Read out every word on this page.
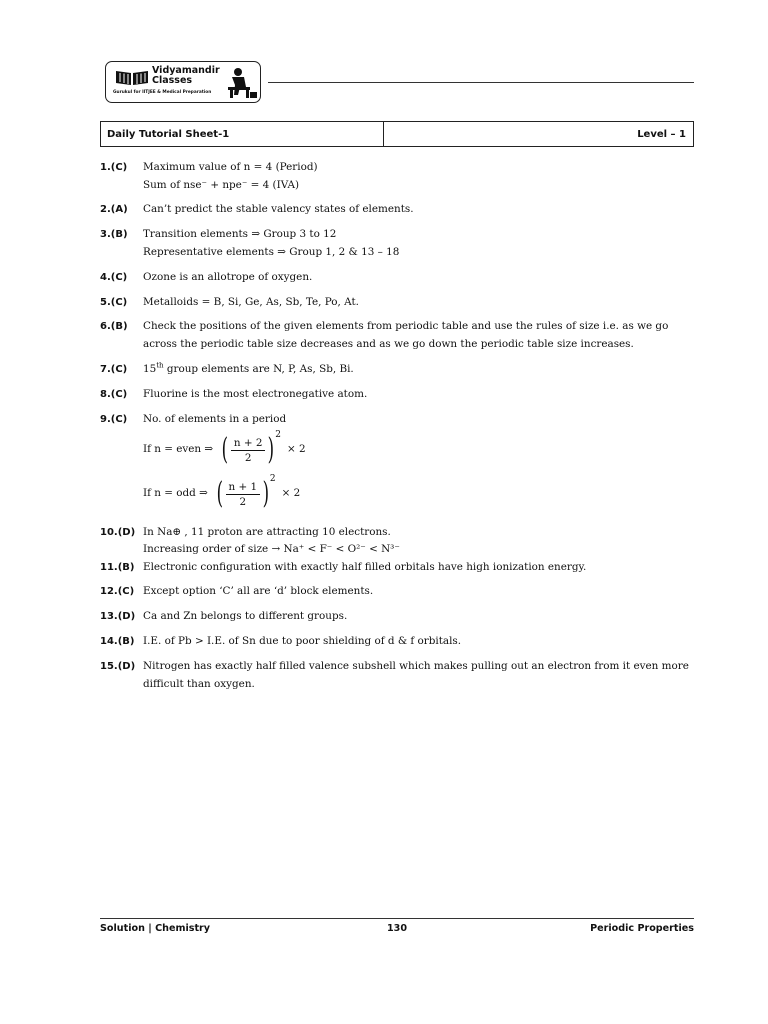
Vidyamandir
Classes
Gurukul for IITJEE & Medical Preparation
Daily Tutorial Sheet-1	Level – 1
1.(C)	Maximum value of n = 4 (Period)
Sum of nse⁻ + npe⁻ = 4 (IVA)
2.(A)	Can’t predict the stable valency states of elements.
3.(B)	Transition elements ⇒ Group 3 to 12
Representative elements ⇒ Group 1, 2 & 13 – 18
4.(C)	Ozone is an allotrope of oxygen.
5.(C)	Metalloids = B, Si, Ge, As, Sb, Te, Po, At.
6.(B)	Check the positions of the given elements from periodic table and use the rules of size i.e. as we go across the periodic table size decreases and as we go down the periodic table size increases.
7.(C)	15th group elements are N, P, As, Sb, Bi.
8.(C)	Fluorine is the most electronegative atom.
9.(C)	No. of elements in a period
If n = even ⇒ ( $\frac{n + 2}{2}$ ) 2
× 2
If n = odd ⇒ ( $\frac{n + 1}{2}$ ) 2
× 2
10.(D) In Na⊕ , 11 proton are attracting 10 electrons.
Increasing order of size → Na⁺ < F⁻ < O²⁻ < N³⁻
11.(B) Electronic configuration with exactly half filled orbitals have high ionization energy.
12.(C) Except option ‘C’ all are ‘d’ block elements.
13.(D) Ca and Zn belongs to different groups.
14.(B) I.E. of Pb > I.E. of Sn due to poor shielding of d & f orbitals.
15.(D) Nitrogen has exactly half filled valence subshell which makes pulling out an electron from it even more difficult than oxygen.
Solution | Chemistry	130	Periodic Properties
